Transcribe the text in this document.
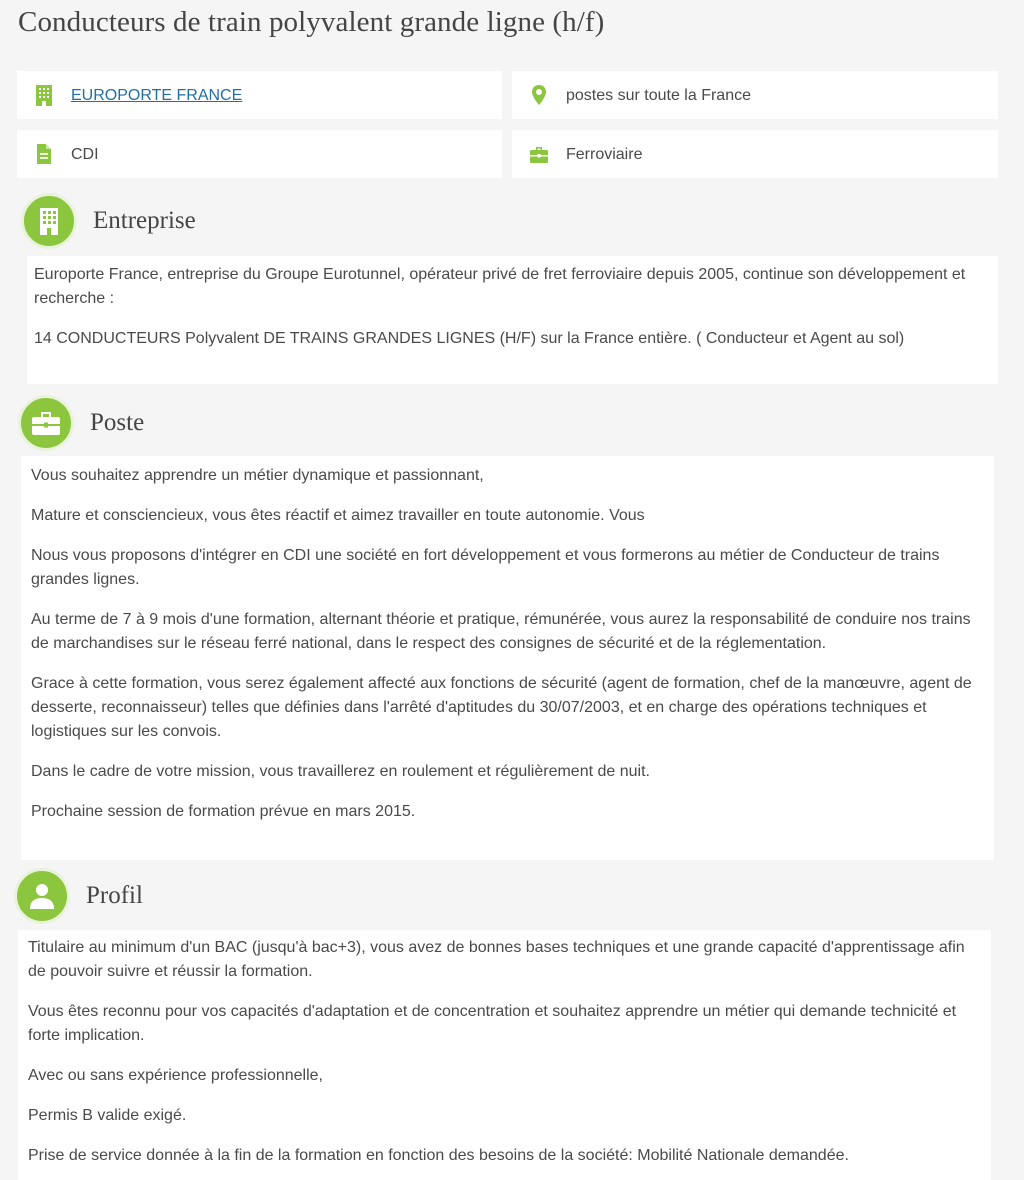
Conducteurs de train polyvalent grande ligne (h/f)
EUROPORTE FRANCE	postes sur toute la France
CDI	Ferroviaire
Entreprise

Europorte France, entreprise du Groupe Eurotunnel, opérateur privé de fret ferroviaire depuis 2005, continue son développement et recherche :

14 CONDUCTEURS Polyvalent DE TRAINS GRANDES LIGNES (H/F) sur la France entière. ( Conducteur et Agent au sol)

Poste

Vous souhaitez apprendre un métier dynamique et passionnant,

Mature et consciencieux, vous êtes réactif et aimez travailler en toute autonomie. Vous

Nous vous proposons d'intégrer en CDI une société en fort développement et vous formerons au métier de Conducteur de trains grandes lignes.

Au terme de 7 à 9 mois d'une formation, alternant théorie et pratique, rémunérée, vous aurez la responsabilité de conduire nos trains de marchandises sur le réseau ferré national, dans le respect des consignes de sécurité et de la réglementation.

Grace à cette formation, vous serez également affecté aux fonctions de sécurité (agent de formation, chef de la manœuvre, agent de desserte, reconnaisseur) telles que définies dans l'arrêté d'aptitudes du 30/07/2003, et en charge des opérations techniques et logistiques sur les convois.

Dans le cadre de votre mission, vous travaillerez en roulement et régulièrement de nuit.

Prochaine session de formation prévue en mars 2015.

Profil

Titulaire au minimum d'un BAC (jusqu'à bac+3), vous avez de bonnes bases techniques et une grande capacité d'apprentissage afin de pouvoir suivre et réussir la formation.

Vous êtes reconnu pour vos capacités d'adaptation et de concentration et souhaitez apprendre un métier qui demande technicité et forte implication.

Avec ou sans expérience professionnelle,

Permis B valide exigé.

Prise de service donnée à la fin de la formation en fonction des besoins de la société: Mobilité Nationale demandée.
